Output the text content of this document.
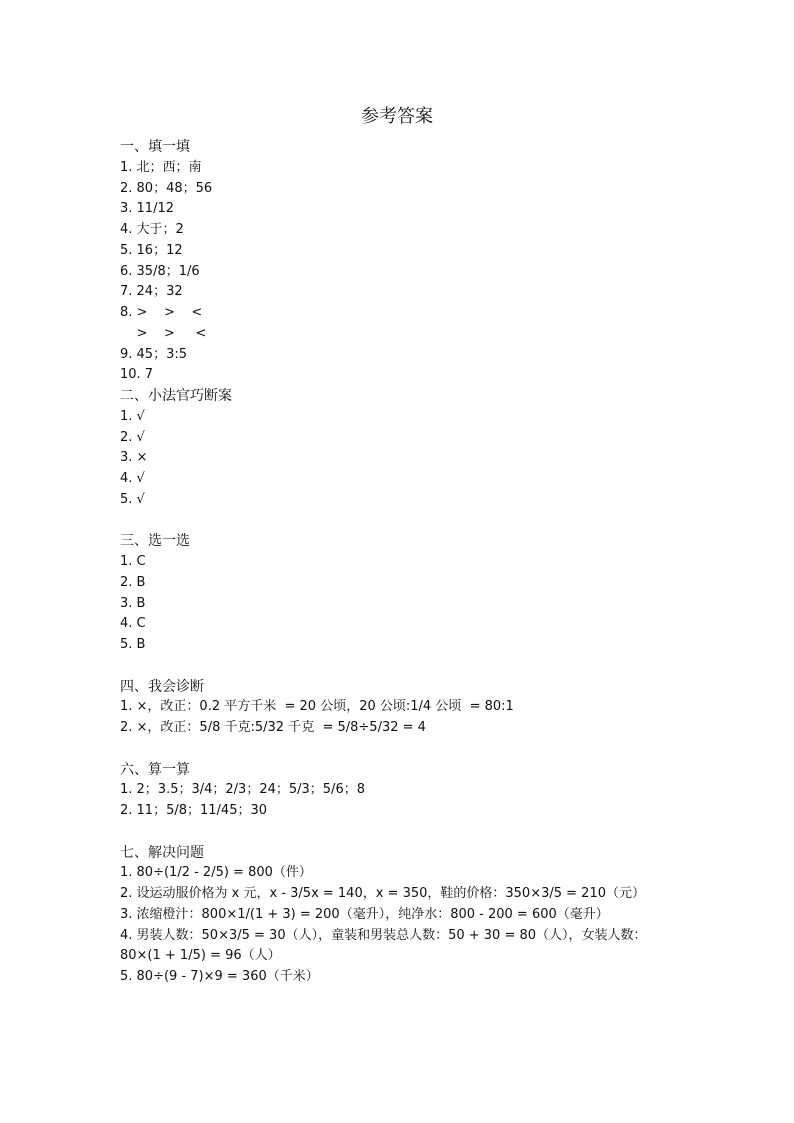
参考答案
一、填一填
1. 北；西；南
2. 80；48；56
3. 11/12
4. 大于；2
5. 16；12
6. 35/8；1/6
7. 24；32
8. >    >    <
>    >     <
9. 45；3:5
10. 7
二、小法官巧断案
1. √
2. √
3. ×
4. √
5. √
三、选一选
1. C
2. B
3. B
4. C
5. B
四、我会诊断
1. ×，改正：0.2 平方千米  = 20 公顷，20 公顷:1/4 公顷  = 80:1
2. ×，改正：5/8 千克:5/32 千克  = 5/8÷5/32 = 4
六、算一算
1. 2；3.5；3/4；2/3；24；5/3；5/6；8
2. 11；5/8；11/45；30
七、解决问题
1. 80÷(1/2 - 2/5) = 800（件）
2. 设运动服价格为 x 元，x - 3/5x = 140，x = 350，鞋的价格：350×3/5 = 210（元）
3. 浓缩橙汁：800×1/(1 + 3) = 200（毫升），纯净水：800 - 200 = 600（毫升）
4. 男装人数：50×3/5 = 30（人），童装和男装总人数：50 + 30 = 80（人），女装人数：80×(1 + 1/5) = 96（人）
5. 80÷(9 - 7)×9 = 360（千米）
